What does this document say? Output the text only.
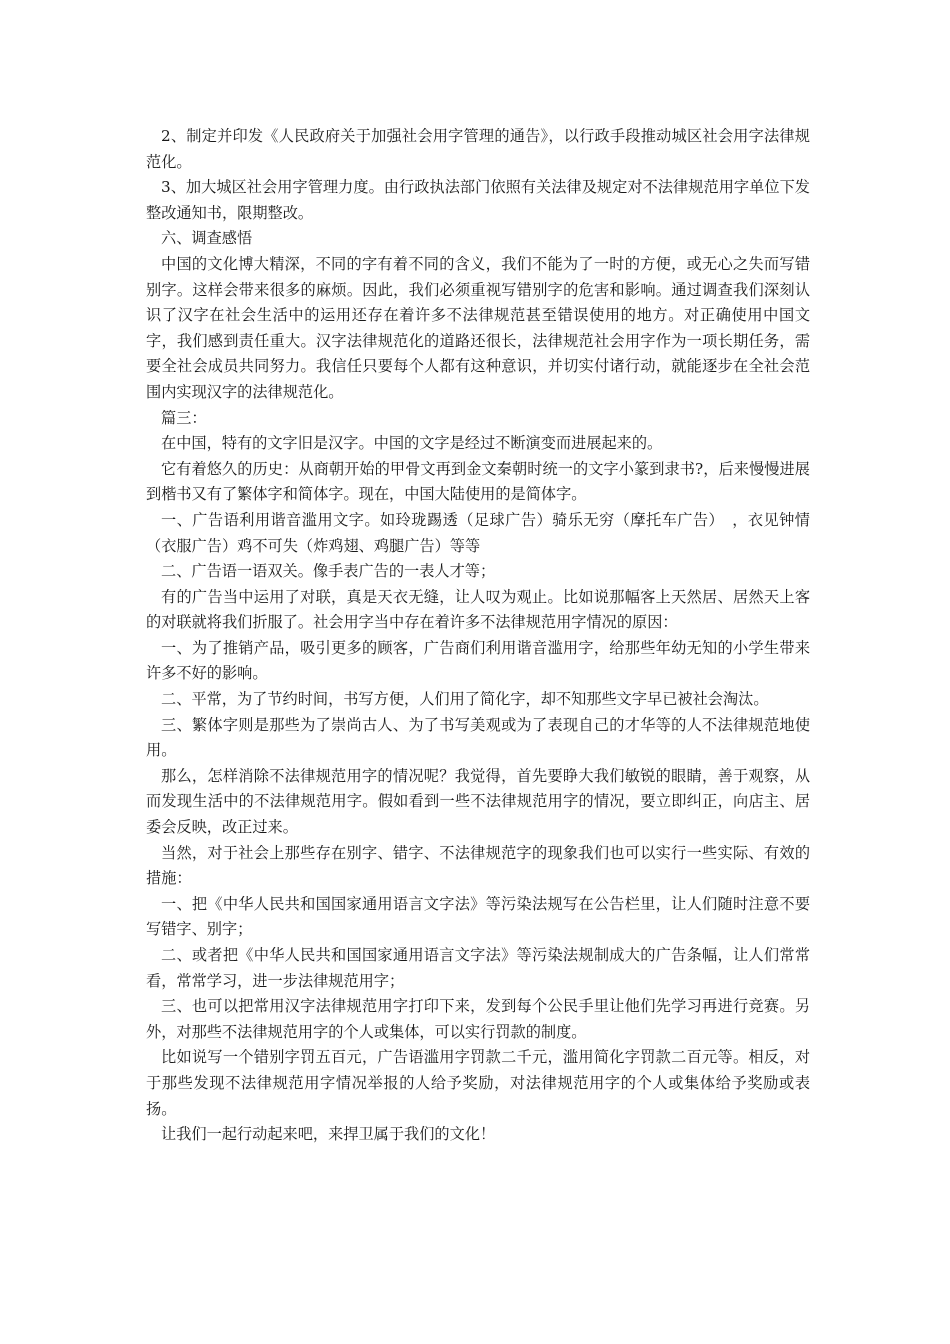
2、制定并印发《人民政府关于加强社会用字管理的通告》，以行政手段推动城区社会用字法律规范化。

3、加大城区社会用字管理力度。由行政执法部门依照有关法律及规定对不法律规范用字单位下发整改通知书，限期整改。

六、调查感悟

中国的文化博大精深，不同的字有着不同的含义，我们不能为了一时的方便，或无心之失而写错别字。这样会带来很多的麻烦。因此，我们必须重视写错别字的危害和影响。通过调查我们深刻认识了汉字在社会生活中的运用还存在着许多不法律规范甚至错误使用的地方。对正确使用中国文字，我们感到责任重大。汉字法律规范化的道路还很长，法律规范社会用字作为一项长期任务，需要全社会成员共同努力。我信任只要每个人都有这种意识，并切实付诸行动，就能逐步在全社会范围内实现汉字的法律规范化。

篇三：

在中国，特有的文字旧是汉字。中国的文字是经过不断演变而进展起来的。

它有着悠久的历史：从商朝开始的甲骨文再到金文秦朝时统一的文字小篆到隶书?，后来慢慢进展到楷书又有了繁体字和简体字。现在，中国大陆使用的是简体字。

一、广告语利用谐音滥用文字。如玲珑踢透（足球广告）骑乐无穷（摩托车广告）　，衣见钟情（衣服广告）鸡不可失（炸鸡翅、鸡腿广告）等等

二、广告语一语双关。像手表广告的一表人才等；

有的广告当中运用了对联，真是天衣无缝，让人叹为观止。比如说那幅客上天然居、居然天上客的对联就将我们折服了。社会用字当中存在着许多不法律规范用字情况的原因：

一、为了推销产品，吸引更多的顾客，广告商们利用谐音滥用字，给那些年幼无知的小学生带来许多不好的影响。

二、平常，为了节约时间，书写方便，人们用了简化字，却不知那些文字早已被社会淘汰。

三、繁体字则是那些为了崇尚古人、为了书写美观或为了表现自己的才华等的人不法律规范地使用。

那么，怎样消除不法律规范用字的情况呢？我觉得，首先要睁大我们敏锐的眼睛，善于观察，从而发现生活中的不法律规范用字。假如看到一些不法律规范用字的情况，要立即纠正，向店主、居委会反映，改正过来。

当然，对于社会上那些存在别字、错字、不法律规范字的现象我们也可以实行一些实际、有效的措施：

一、把《中华人民共和国国家通用语言文字法》等污染法规写在公告栏里，让人们随时注意不要写错字、别字；

二、或者把《中华人民共和国国家通用语言文字法》等污染法规制成大的广告条幅，让人们常常看，常常学习，进一步法律规范用字；

三、也可以把常用汉字法律规范用字打印下来，发到每个公民手里让他们先学习再进行竞赛。另外，对那些不法律规范用字的个人或集体，可以实行罚款的制度。

比如说写一个错别字罚五百元，广告语滥用字罚款二千元，滥用简化字罚款二百元等。相反，对于那些发现不法律规范用字情况举报的人给予奖励，对法律规范用字的个人或集体给予奖励或表扬。

让我们一起行动起来吧，来捍卫属于我们的文化！
